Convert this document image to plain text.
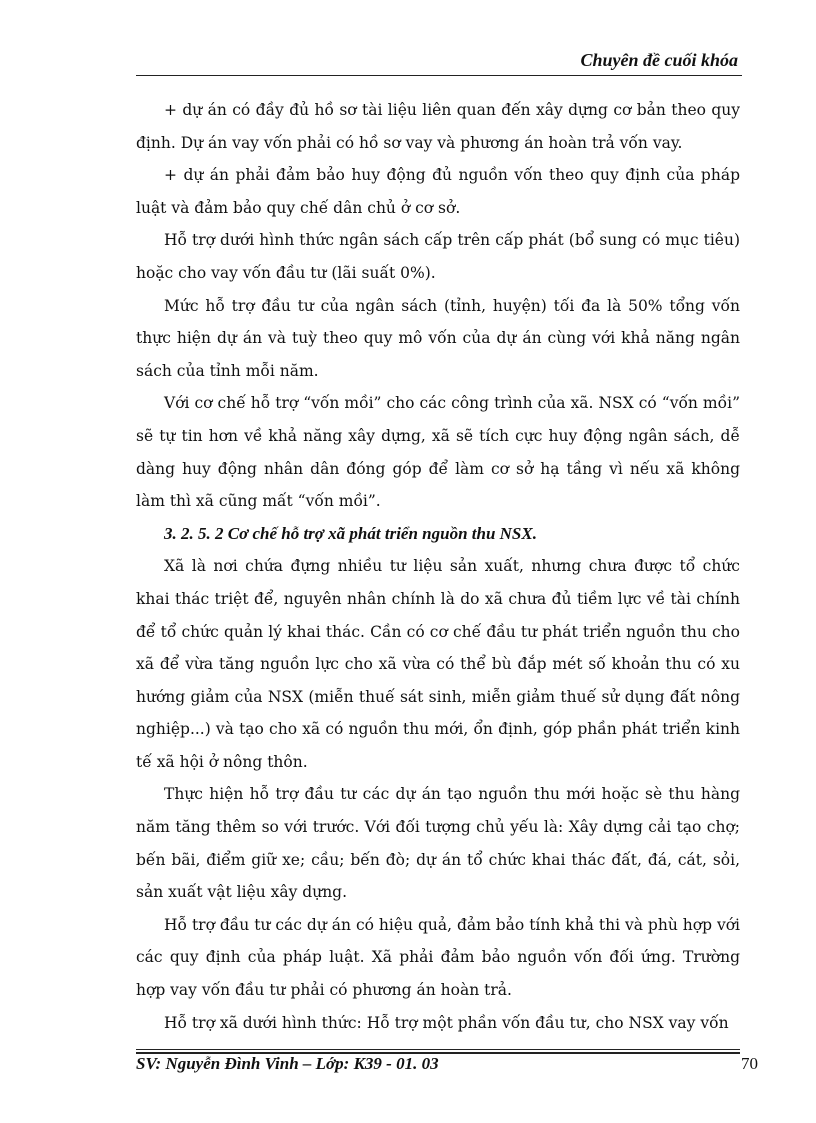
Chuyên đề cuối khóa

+ dự án có đầy đủ hồ sơ tài liệu liên quan đến xây dựng cơ bản theo quy định. Dự án vay vốn phải có hồ sơ vay và phương án hoàn trả vốn vay.

+ dự án phải đảm bảo huy động đủ nguồn vốn theo quy định của pháp luật và đảm bảo quy chế dân chủ ở cơ sở.

Hỗ trợ dưới hình thức ngân sách cấp trên cấp phát (bổ sung có mục tiêu) hoặc cho vay vốn đầu tư (lãi suất 0%).

Mức hỗ trợ đầu tư của ngân sách (tỉnh, huyện) tối đa là 50% tổng vốn thực hiện dự án và tuỳ theo quy mô vốn của dự án cùng với khả năng ngân sách của tỉnh mỗi năm.

Với cơ chế hỗ trợ “vốn mồi” cho các công trình của xã. NSX có “vốn mồi” sẽ tự tin hơn về khả năng xây dựng, xã sẽ tích cực huy động ngân sách, dễ dàng huy động nhân dân đóng góp để làm cơ sở hạ tầng vì nếu xã không làm thì xã cũng mất “vốn mồi”.

3. 2. 5. 2 Cơ chế hỗ trợ xã phát triển nguồn thu NSX.

Xã là nơi chứa đựng nhiều tư liệu sản xuất, nhưng chưa được tổ chức khai thác triệt để, nguyên nhân chính là do xã chưa đủ tiềm lực về tài chính để tổ chức quản lý khai thác. Cần có cơ chế đầu tư phát triển nguồn thu cho xã để vừa tăng nguồn lực cho xã vừa có thể bù đắp mét số khoản thu có xu hướng giảm của NSX (miễn thuế sát sinh, miễn giảm thuế sử dụng đất nông nghiệp...) và tạo cho xã có nguồn thu mới, ổn định, góp phần phát triển kinh tế xã hội ở nông thôn.

Thực hiện hỗ trợ đầu tư các dự án tạo nguồn thu mới hoặc sè thu hàng năm tăng thêm so với trước. Với đối tượng chủ yếu là: Xây dựng cải tạo chợ; bến bãi, điểm giữ xe; cầu; bến đò; dự án tổ chức khai thác đất, đá, cát, sỏi, sản xuất vật liệu xây dựng.

Hỗ trợ đầu tư các dự án có hiệu quả, đảm bảo tính khả thi và phù hợp với các quy định của pháp luật. Xã phải đảm bảo nguồn vốn đối ứng. Trường hợp vay vốn đầu tư phải có phương án hoàn trả.

Hỗ trợ xã dưới hình thức: Hỗ trợ một phần vốn đầu tư, cho NSX vay vốn

SV: Nguyễn Đình Vinh – Lớp: K39 - 01. 03	70
